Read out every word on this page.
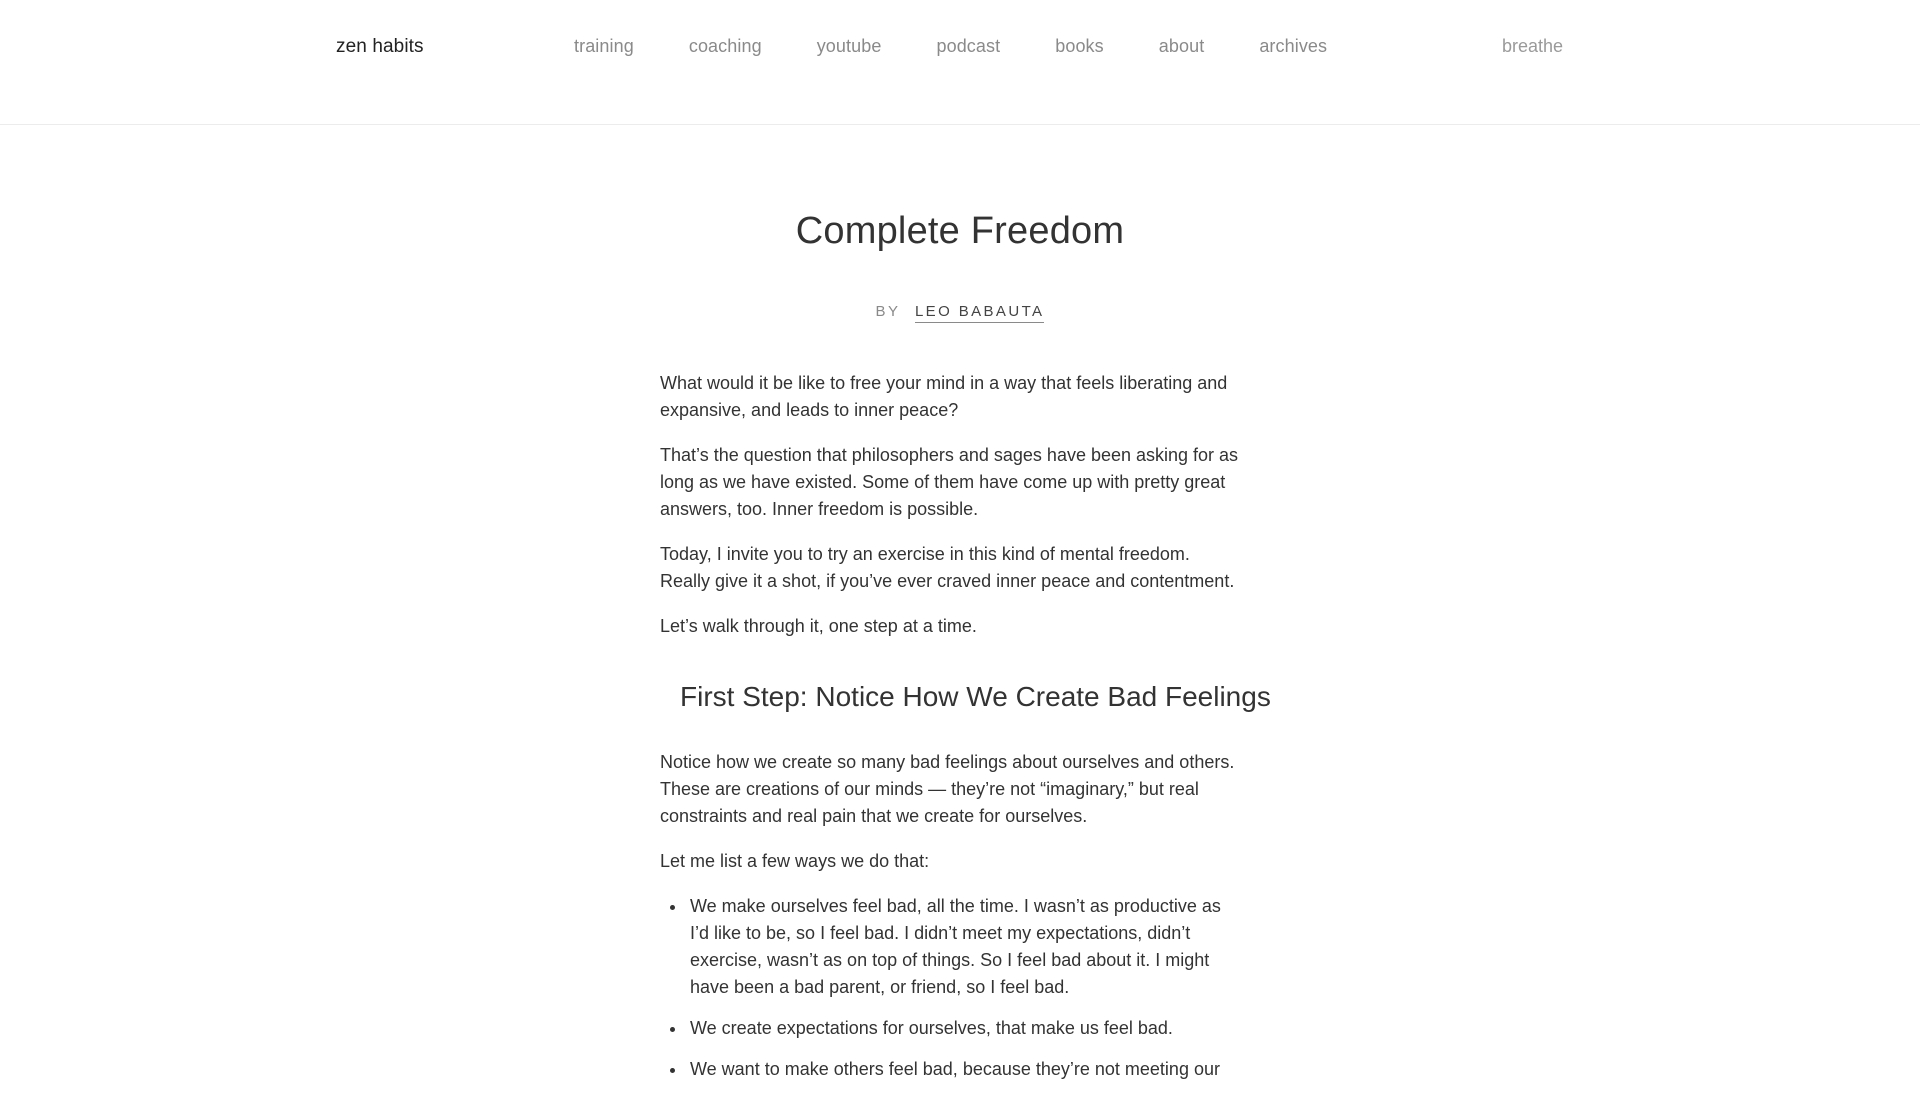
zen habits	training	coaching	youtube	podcast	books	about	archives	breathe
Complete Freedom
BY LEO BABAUTA

What would it be like to free your mind in a way that feels liberating and expansive, and leads to inner peace?

That’s the question that philosophers and sages have been asking for as long as we have existed. Some of them have come up with pretty great answers, too. Inner freedom is possible.

Today, I invite you to try an exercise in this kind of mental freedom. Really give it a shot, if you’ve ever craved inner peace and contentment.

Let’s walk through it, one step at a time.

First Step: Notice How We Create Bad Feelings

Notice how we create so many bad feelings about ourselves and others. These are creations of our minds — they’re not “imaginary,” but real constraints and real pain that we create for ourselves.

Let me list a few ways we do that:

We make ourselves feel bad, all the time. I wasn’t as productive as I’d like to be, so I feel bad. I didn’t meet my expectations, didn’t exercise, wasn’t as on top of things. So I feel bad about it. I might have been a bad parent, or friend, so I feel bad.
We create expectations for ourselves, that make us feel bad.
We want to make others feel bad, because they’re not meeting our
